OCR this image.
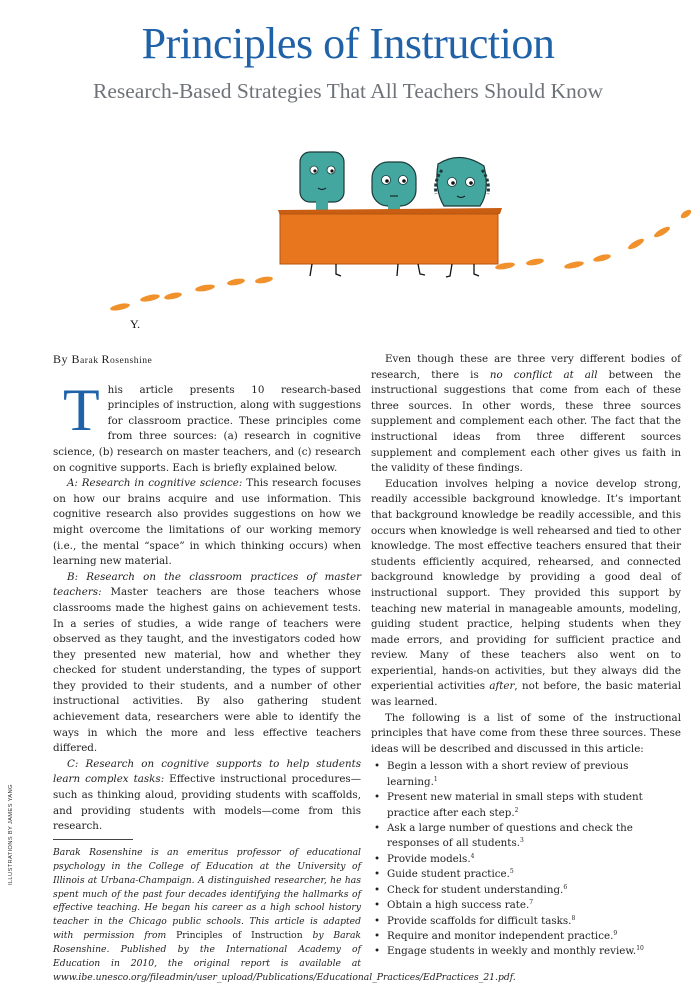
Principles of Instruction
Research-Based Strategies That All Teachers Should Know
Y.

By Barak Rosenshine

This article presents 10 research-based principles of instruction, along with suggestions for classroom practice. These principles come from three sources: (a) research in cognitive science, (b) research on master teachers, and (c) research on cognitive supports. Each is briefly explained below.

A: Research in cognitive science: This research focuses on how our brains acquire and use information. This cognitive research also provides suggestions on how we might overcome the limitations of our working memory (i.e., the mental “space” in which thinking occurs) when learning new material.

B: Research on the classroom practices of master teachers: Master teachers are those teachers whose classrooms made the highest gains on achievement tests. In a series of studies, a wide range of teachers were observed as they taught, and the investigators coded how they presented new material, how and whether they checked for student understanding, the types of support they provided to their students, and a number of other instructional activities. By also gathering student achievement data, researchers were able to identify the ways in which the more and less effective teachers differed.

C: Research on cognitive supports to help students learn complex tasks: Effective instructional procedures—such as thinking aloud, providing students with scaffolds, and providing students with models—come from this research.

Barak Rosenshine is an emeritus professor of educational psychology in the College of Education at the University of Illinois at Urbana-Champaign. A distinguished researcher, he has spent much of the past four decades identifying the hallmarks of effective teaching. He began his career as a high school history teacher in the Chicago public schools. This article is adapted with permission from Principles of Instruction by Barak Rosenshine. Published by the International Academy of Education in 2010, the original report is available at www.ibe.unesco.org/fileadmin/user_upload/Publications/Educational_Practices/EdPractices_21.pdf.

Even though these are three very different bodies of research, there is no conflict at all between the instructional suggestions that come from each of these three sources. In other words, these three sources supplement and complement each other. The fact that the instructional ideas from three different sources supplement and complement each other gives us faith in the validity of these findings.

Education involves helping a novice develop strong, readily accessible background knowledge. It’s important that background knowledge be readily accessible, and this occurs when knowledge is well rehearsed and tied to other knowledge. The most effective teachers ensured that their students efficiently acquired, rehearsed, and connected background knowledge by providing a good deal of instructional support. They provided this support by teaching new material in manageable amounts, modeling, guiding student practice, helping students when they made errors, and providing for sufficient practice and review. Many of these teachers also went on to experiential, hands-on activities, but they always did the experiential activities after, not before, the basic material was learned.

The following is a list of some of the instructional principles that have come from these three sources. These ideas will be described and discussed in this article:

• Begin a lesson with a short review of previous learning.$^1$
• Present new material in small steps with student practice after each step.$^2$
• Ask a large number of questions and check the responses of all students.$^3$
• Provide models.$^4$
• Guide student practice.$^5$
• Check for student understanding.$^6$
• Obtain a high success rate.$^7$
• Provide scaffolds for difficult tasks.$^8$
• Require and monitor independent practice.$^9$
• Engage students in weekly and monthly review.$^{10}$
ILLUSTRATIONS BY JAMES YANG
